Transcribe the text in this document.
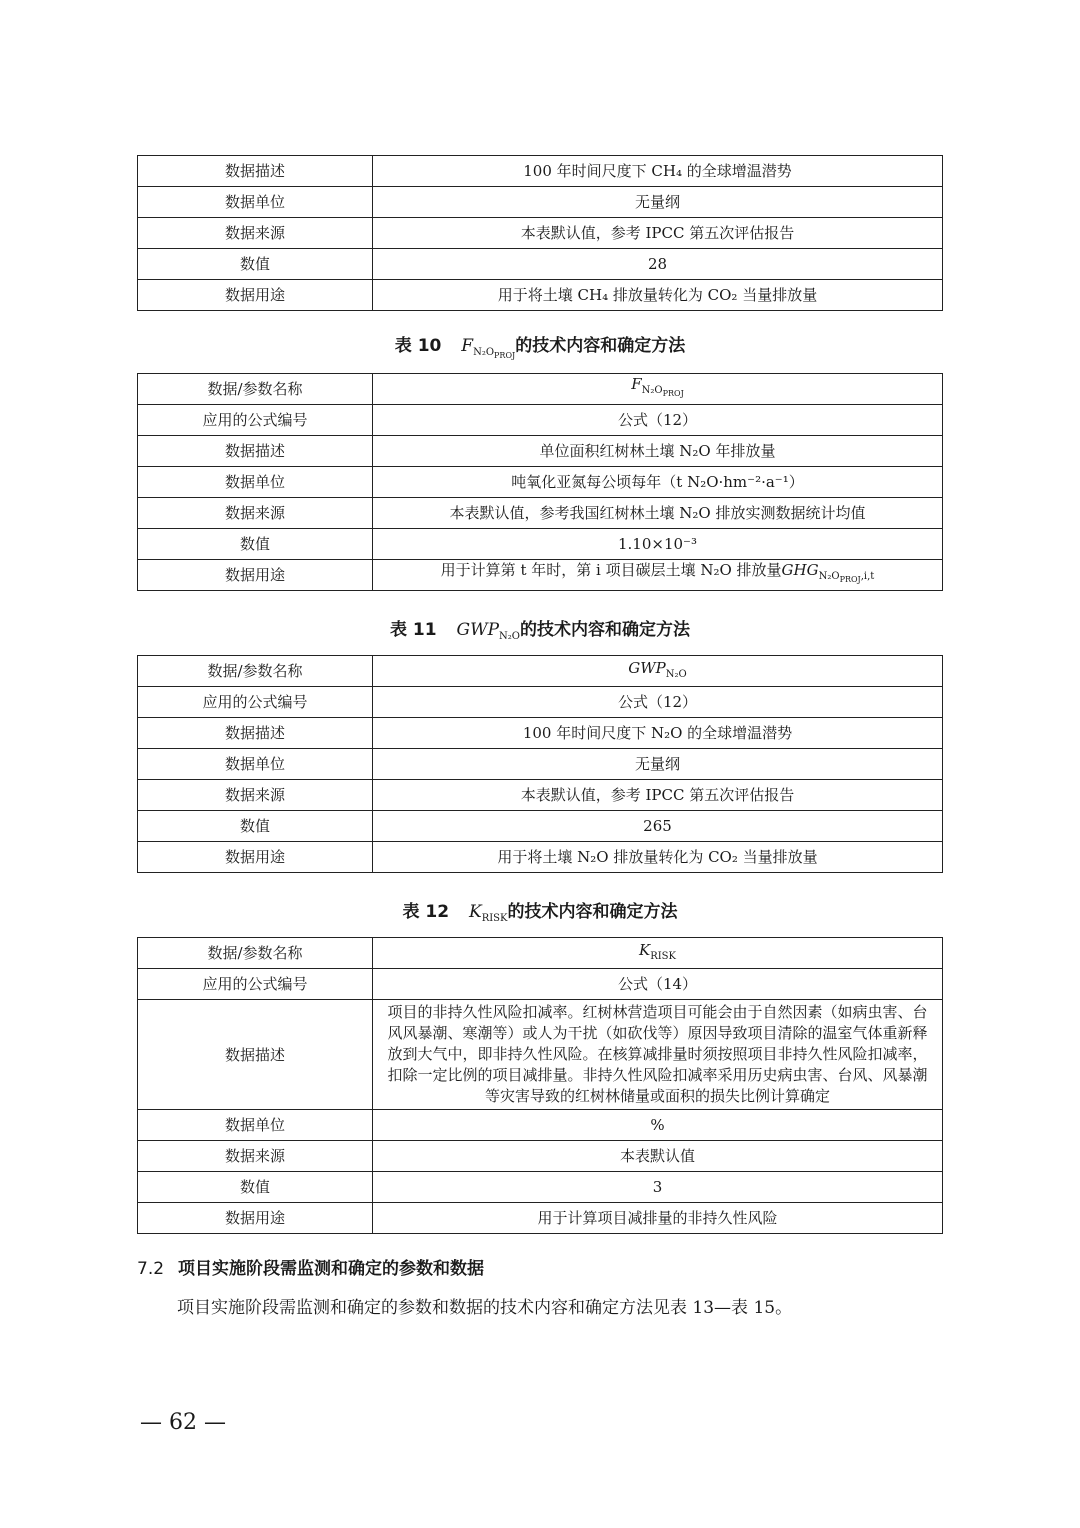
数据描述	100 年时间尺度下 CH₄ 的全球增温潜势
数据单位	无量纲
数据来源	本表默认值，参考 IPCC 第五次评估报告
数值	28
数据用途	用于将土壤 CH₄ 排放量转化为 CO₂ 当量排放量
表 10 $F_{N_2O_{PROJ}}$的技术内容和确定方法
数据/参数名称	$F_{N_2O_{PROJ}}$
应用的公式编号	公式（12）
数据描述	单位面积红树林土壤 N₂O 年排放量
数据单位	吨氧化亚氮每公顷每年（t N₂O·hm⁻²·a⁻¹）
数据来源	本表默认值，参考我国红树林土壤 N₂O 排放实测数据统计均值
数值	1.10×10⁻³
数据用途	用于计算第 t 年时，第 i 项目碳层土壤 N₂O 排放量$GHG_{N_2O_{PROJ},i,t}$
表 11 $GWP_{N_2O}$的技术内容和确定方法
数据/参数名称	$GWP_{N_2O}$
应用的公式编号	公式（12）
数据描述	100 年时间尺度下 N₂O 的全球增温潜势
数据单位	无量纲
数据来源	本表默认值，参考 IPCC 第五次评估报告
数值	265
数据用途	用于将土壤 N₂O 排放量转化为 CO₂ 当量排放量
表 12 $K_{RISK}$的技术内容和确定方法
数据/参数名称	$K_{RISK}$
应用的公式编号	公式（14）
数据描述	项目的非持久性风险扣减率。红树林营造项目可能会由于自然因素（如病虫害、台风风暴潮、寒潮等）或人为干扰（如砍伐等）原因导致项目清除的温室气体重新释放到大气中，即非持久性风险。在核算减排量时须按照项目非持久性风险扣减率，扣除一定比例的项目减排量。非持久性风险扣减率采用历史病虫害、台风、风暴潮等灾害导致的红树林储量或面积的损失比例计算确定
数据单位	%
数据来源	本表默认值
数值	3
数据用途	用于计算项目减排量的非持久性风险
7.2 项目实施阶段需监测和确定的参数和数据
项目实施阶段需监测和确定的参数和数据的技术内容和确定方法见表 13—表 15。
— 62 —
